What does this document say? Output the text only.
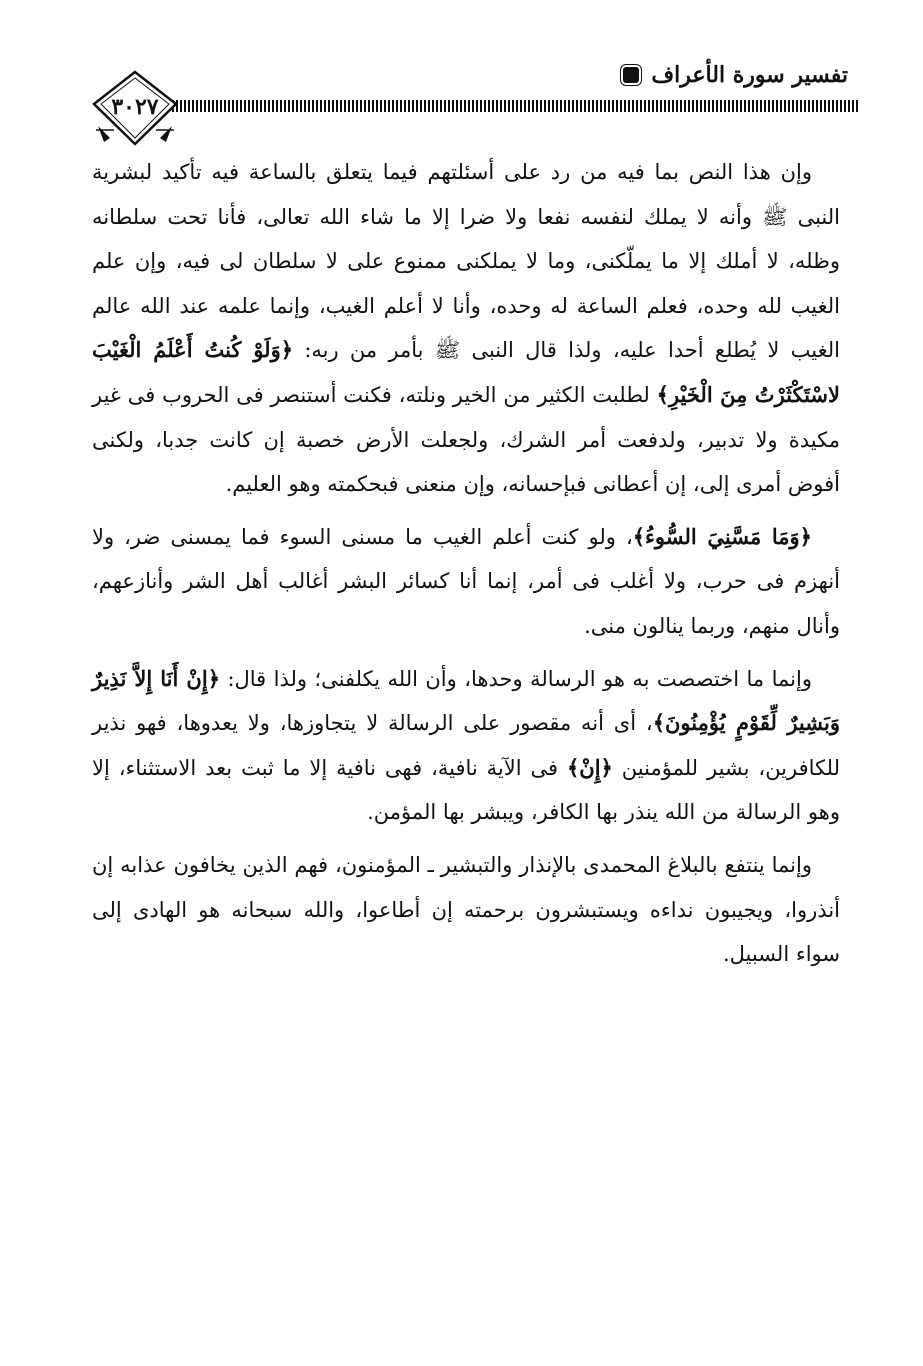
تفسير سورة الأعراف
٣٠٢٧

وإن هذا النص بما فيه من رد على أسئلتهم فيما يتعلق بالساعة فيه تأكيد لبشرية النبى ﷺ وأنه لا يملك لنفسه نفعا ولا ضرا إلا ما شاء الله تعالى، فأنا تحت سلطانه وظله، لا أملك إلا ما يملّكنى، وما لا يملكنى ممنوع على لا سلطان لى فيه، وإن علم الغيب لله وحده، فعلم الساعة له وحده، وأنا لا أعلم الغيب، وإنما علمه عند الله عالم الغيب لا يُطلع أحدا عليه، ولذا قال النبى ﷺ بأمر من ربه: ﴿وَلَوْ كُنتُ أَعْلَمُ الْغَيْبَ لاسْتَكْثَرْتُ مِنَ الْخَيْرِ﴾ لطلبت الكثير من الخير ونلته، فكنت أستنصر فى الحروب فى غير مكيدة ولا تدبير، ولدفعت أمر الشرك، ولجعلت الأرض خصبة إن كانت جدبا، ولكنى أفوض أمرى إلى، إن أعطانى فبإحسانه، وإن منعنى فبحكمته وهو العليم.

﴿وَمَا مَسَّنِيَ السُّوءُ﴾، ولو كنت أعلم الغيب ما مسنى السوء فما يمسنى ضر، ولا أنهزم فى حرب، ولا أغلب فى أمر، إنما أنا كسائر البشر أغالب أهل الشر وأنازعهم، وأنال منهم، وربما ينالون منى.

وإنما ما اختصصت به هو الرسالة وحدها، وأن الله يكلفنى؛ ولذا قال: ﴿إِنْ أَنَا إِلاَّ نَذِيرٌ وَبَشِيرٌ لِّقَوْمٍ يُؤْمِنُونَ﴾، أى أنه مقصور على الرسالة لا يتجاوزها، ولا يعدوها، فهو نذير للكافرين، بشير للمؤمنين ﴿إِنْ﴾ فى الآية نافية، فهى نافية إلا ما ثبت بعد الاستثناء، إلا وهو الرسالة من الله ينذر بها الكافر، ويبشر بها المؤمن.

وإنما ينتفع بالبلاغ المحمدى بالإنذار والتبشير ـ المؤمنون، فهم الذين يخافون عذابه إن أنذروا، ويجيبون نداءه ويستبشرون برحمته إن أطاعوا، والله سبحانه هو الهادى إلى سواء السبيل.
